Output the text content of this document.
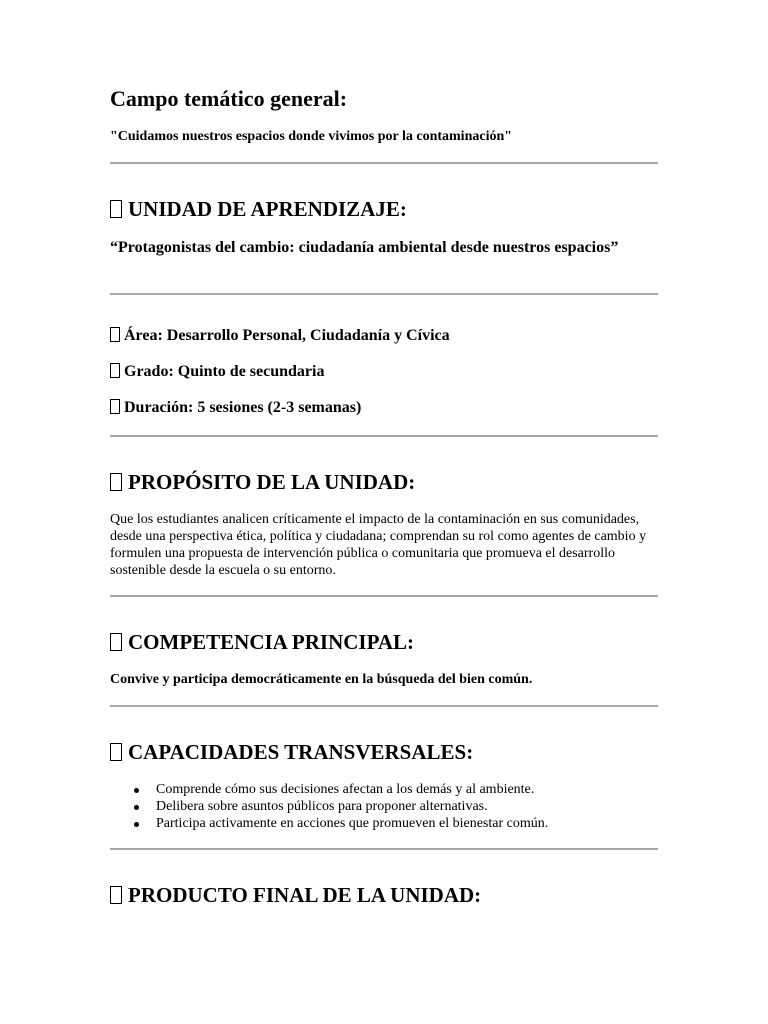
Campo temático general:
"Cuidamos nuestros espacios donde vivimos por la contaminación"
UNIDAD DE APRENDIZAJE:
“Protagonistas del cambio: ciudadanía ambiental desde nuestros espacios”
Área: Desarrollo Personal, Ciudadanía y Cívica
Grado: Quinto de secundaria
Duración: 5 sesiones (2-3 semanas)
PROPÓSITO DE LA UNIDAD:
Que los estudiantes analicen críticamente el impacto de la contaminación en sus comunidades, desde una perspectiva ética, política y ciudadana; comprendan su rol como agentes de cambio y formulen una propuesta de intervención pública o comunitaria que promueva el desarrollo sostenible desde la escuela o su entorno.
COMPETENCIA PRINCIPAL:
Convive y participa democráticamente en la búsqueda del bien común.
CAPACIDADES TRANSVERSALES:
Comprende cómo sus decisiones afectan a los demás y al ambiente.
Delibera sobre asuntos públicos para proponer alternativas.
Participa activamente en acciones que promueven el bienestar común.
PRODUCTO FINAL DE LA UNIDAD:
